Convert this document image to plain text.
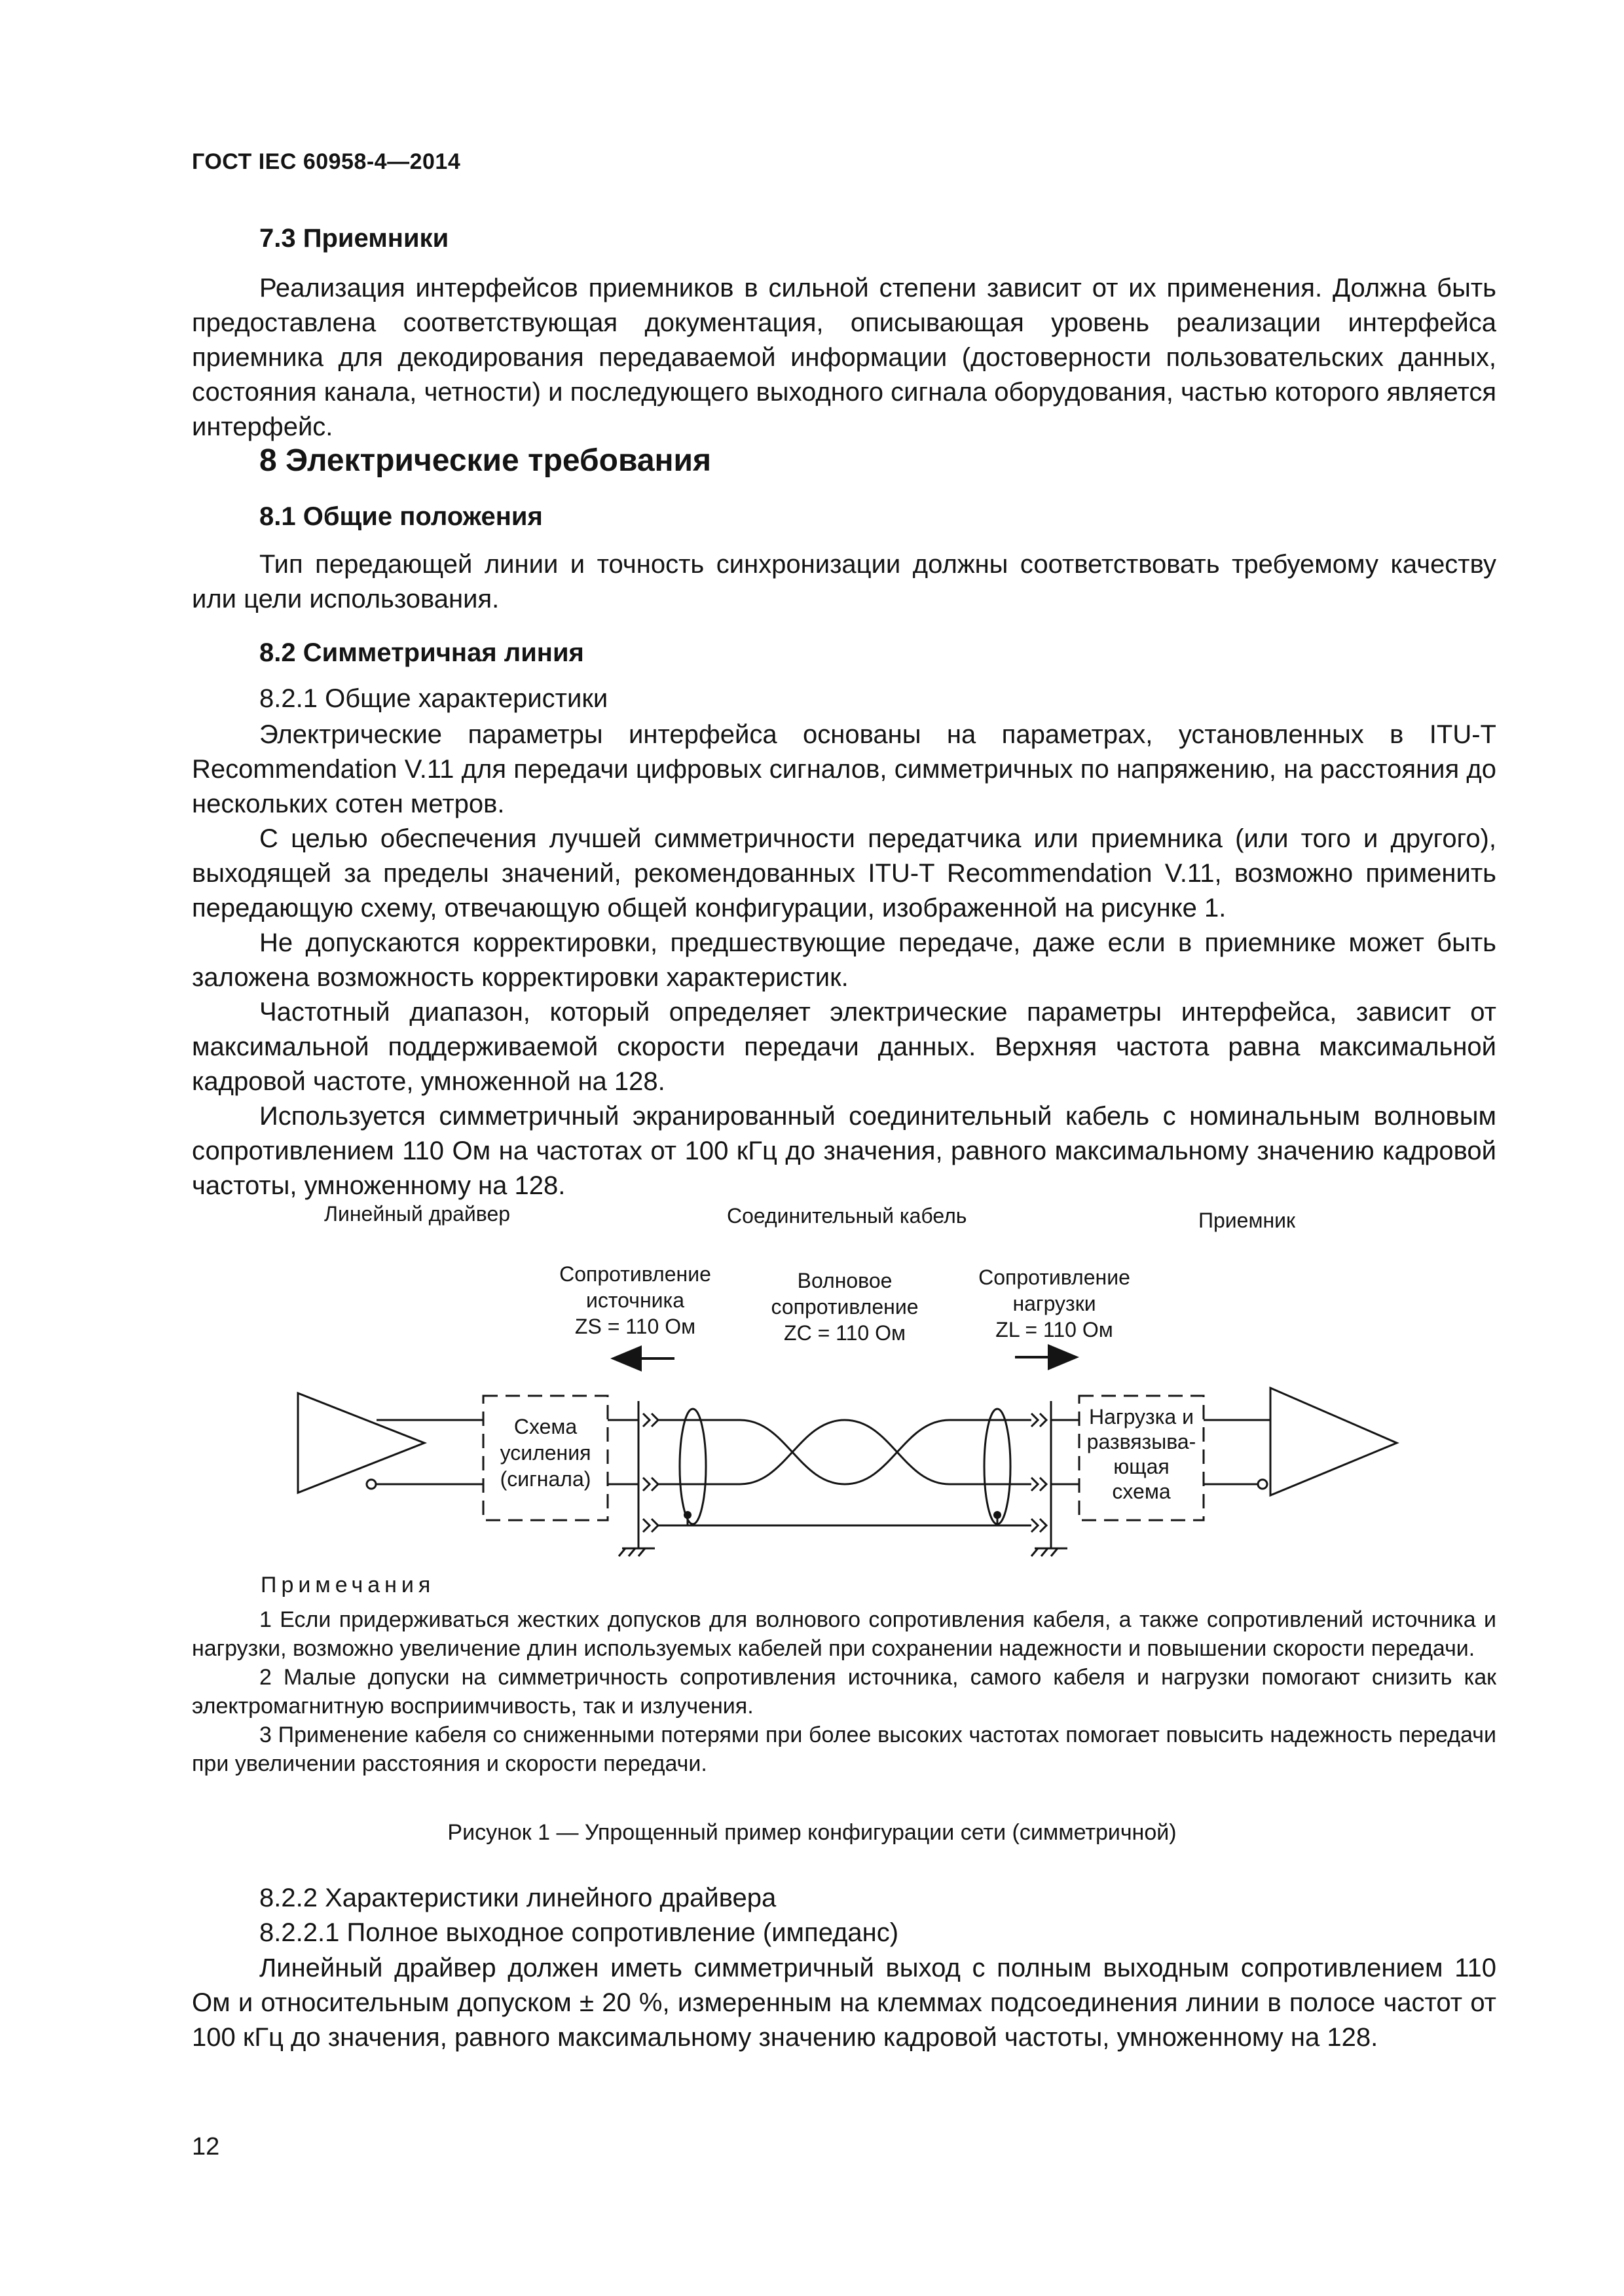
ГОСТ IEC 60958-4—2014
7.3 Приемники

Реализация интерфейсов приемников в сильной степени зависит от их применения. Должна быть предоставлена соответствующая документация, описывающая уровень реализации интерфейса приемника для декодирования передаваемой информации (достоверности пользовательских данных, состояния канала, четности) и последующего выходного сигнала оборудования, частью которого является интерфейс.

8 Электрические требования
8.1 Общие положения

Тип передающей линии и точность синхронизации должны соответствовать требуемому качеству или цели использования.

8.2 Симметричная линия
8.2.1 Общие характеристики

Электрические параметры интерфейса основаны на параметрах, установленных в ITU-T Recommendation V.11 для передачи цифровых сигналов, симметричных по напряжению, на расстояния до нескольких сотен метров.

С целью обеспечения лучшей симметричности передатчика или приемника (или того и другого), выходящей за пределы значений, рекомендованных ITU-T Recommendation V.11, возможно применить передающую схему, отвечающую общей конфигурации, изображенной на рисунке 1.

Не допускаются корректировки, предшествующие передаче, даже если в приемнике может быть заложена возможность корректировки характеристик.

Частотный диапазон, который определяет электрические параметры интерфейса, зависит от максимальной поддерживаемой скорости передачи данных. Верхняя частота равна максимальной кадровой частоте, умноженной на 128.

Используется симметричный экранированный соединительный кабель с номинальным волновым сопротивлением 110 Ом на частотах от 100 кГц до значения, равного максимальному значению кадровой частоты, умноженному на 128.

Линейный драйвер	Соединительный кабель	Приемник
Сопротивление
источника
ZS = 110 Ом
Волновое
сопротивление
ZC = 110 Ом
Сопротивление
нагрузки
ZL = 110 Ом
Схема
усиления
(сигнала)
Нагрузка и
развязыва-
ющая
схема
Примечания

1 Если придерживаться жестких допусков для волнового сопротивления кабеля, а также сопротивлений источника и нагрузки, возможно увеличение длин используемых кабелей при сохранении надежности и повышении скорости передачи.

2 Малые допуски на симметричность сопротивления источника, самого кабеля и нагрузки помогают снизить как электромагнитную восприимчивость, так и излучения.

3 Применение кабеля со сниженными потерями при более высоких частотах помогает повысить надежность передачи при увеличении расстояния и скорости передачи.

Рисунок 1 — Упрощенный пример конфигурации сети (симметричной)
8.2.2 Характеристики линейного драйвера
8.2.2.1 Полное выходное сопротивление (импеданс)

Линейный драйвер должен иметь симметричный выход с полным выходным сопротивлением 110 Ом и относительным допуском ± 20 %, измеренным на клеммах подсоединения линии в полосе частот от 100 кГц до значения, равного максимальному значению кадровой частоты, умноженному на 128.

12
